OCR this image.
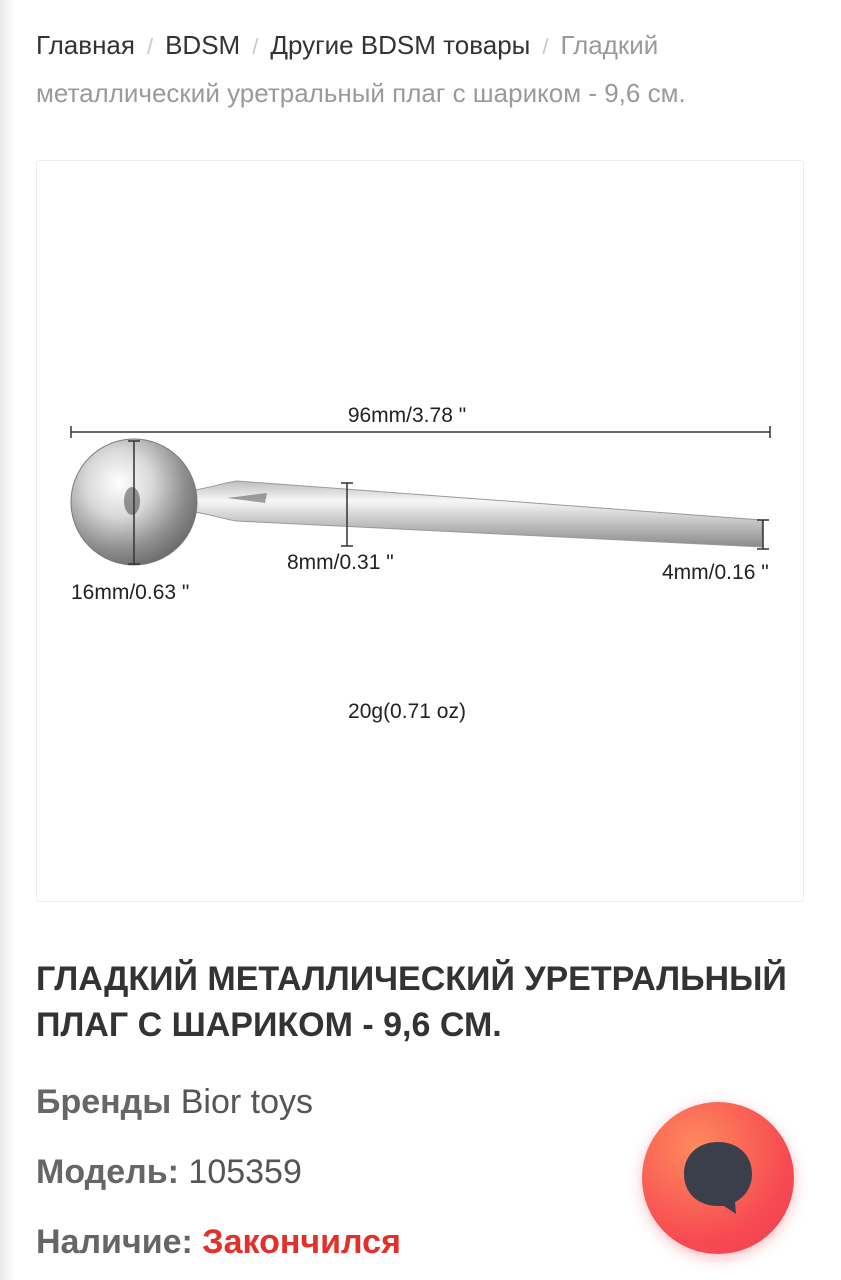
Главная / BDSM / Другие BDSM товары / Гладкий металлический уретральный плаг с шариком - 9,6 см.
96mm/3.78 "
16mm/0.63 "
8mm/0.31 "	4mm/0.16 "
20g(0.71 oz)
ГЛАДКИЙ МЕТАЛЛИЧЕСКИЙ УРЕТРАЛЬНЫЙ ПЛАГ С ШАРИКОМ - 9,6 СМ.
Бренды Bior toys
Модель: 105359
Наличие: Закончился
